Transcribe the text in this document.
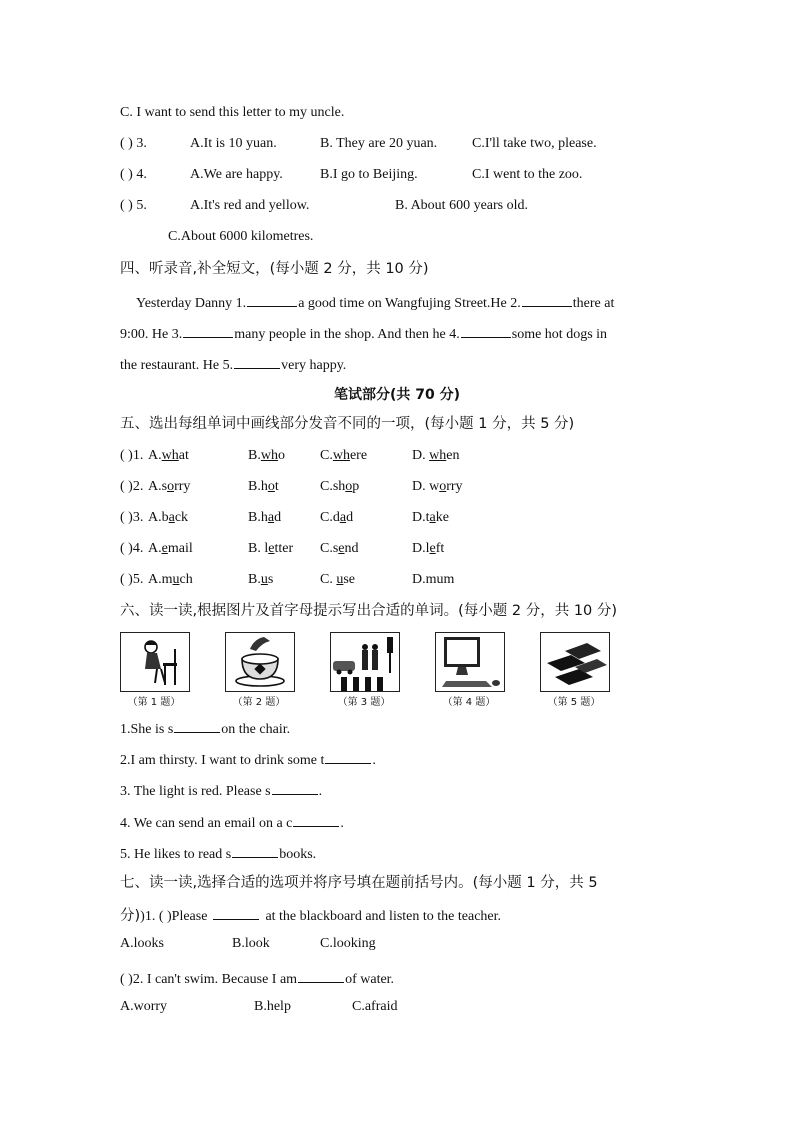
C. I want to send this letter to my uncle.
( ) 3.	A.It is 10 yuan.	B. They are 20 yuan. C.I'll take two, please.
( ) 4.	A.We are happy.	B.I go to Beijing.	C.I went to the zoo.
( ) 5.	A.It's red and yellow.	B. About 600 years old.
C.About 6000 kilometres.
四、听录音,补全短文，(每小题 2 分，共 10 分)
Yesterday Danny 1.	a good time on Wangfujing Street.He 2.	there at
9:00. He 3.	many people in the shop. And then he 4.	some hot dogs in
the restaurant. He 5.	very happy.
笔试部分(共 70 分)
五、选出每组单词中画线部分发音不同的一项，(每小题 1 分，共 5 分)
( )1. A.what	B.who	C.where	D. when
( )2. A.sorry	B.hot	C.shop	D. worry
( )3. A.back	B.had	C.dad	D.take
( )4. A.email	B. letter C.send	D.left
( )5. A.much	B.us	C. use	D.mum
六、读一读,根据图片及首字母提示写出合适的单词。(每小题 2 分，共 10 分)
（第 1 题）	（第 2 题）	（第 3 题）	（第 4 题）	（第 5 题）
1.She is s	on the chair.
2.I am thirsty. I want to drink some t	.
3. The light is red. Please s	.
4. We can send an email on a c	.
5. He likes to read s	books.
七、读一读,选择合适的选项并将序号填在题前括号内。(每小题 1 分，共 5
分))1. ( )Please	at the blackboard and listen to the teacher.
A.looks	B.look	C.looking
( )2. I can't swim. Because I am	of water.
A.worry	B.help	C.afraid
